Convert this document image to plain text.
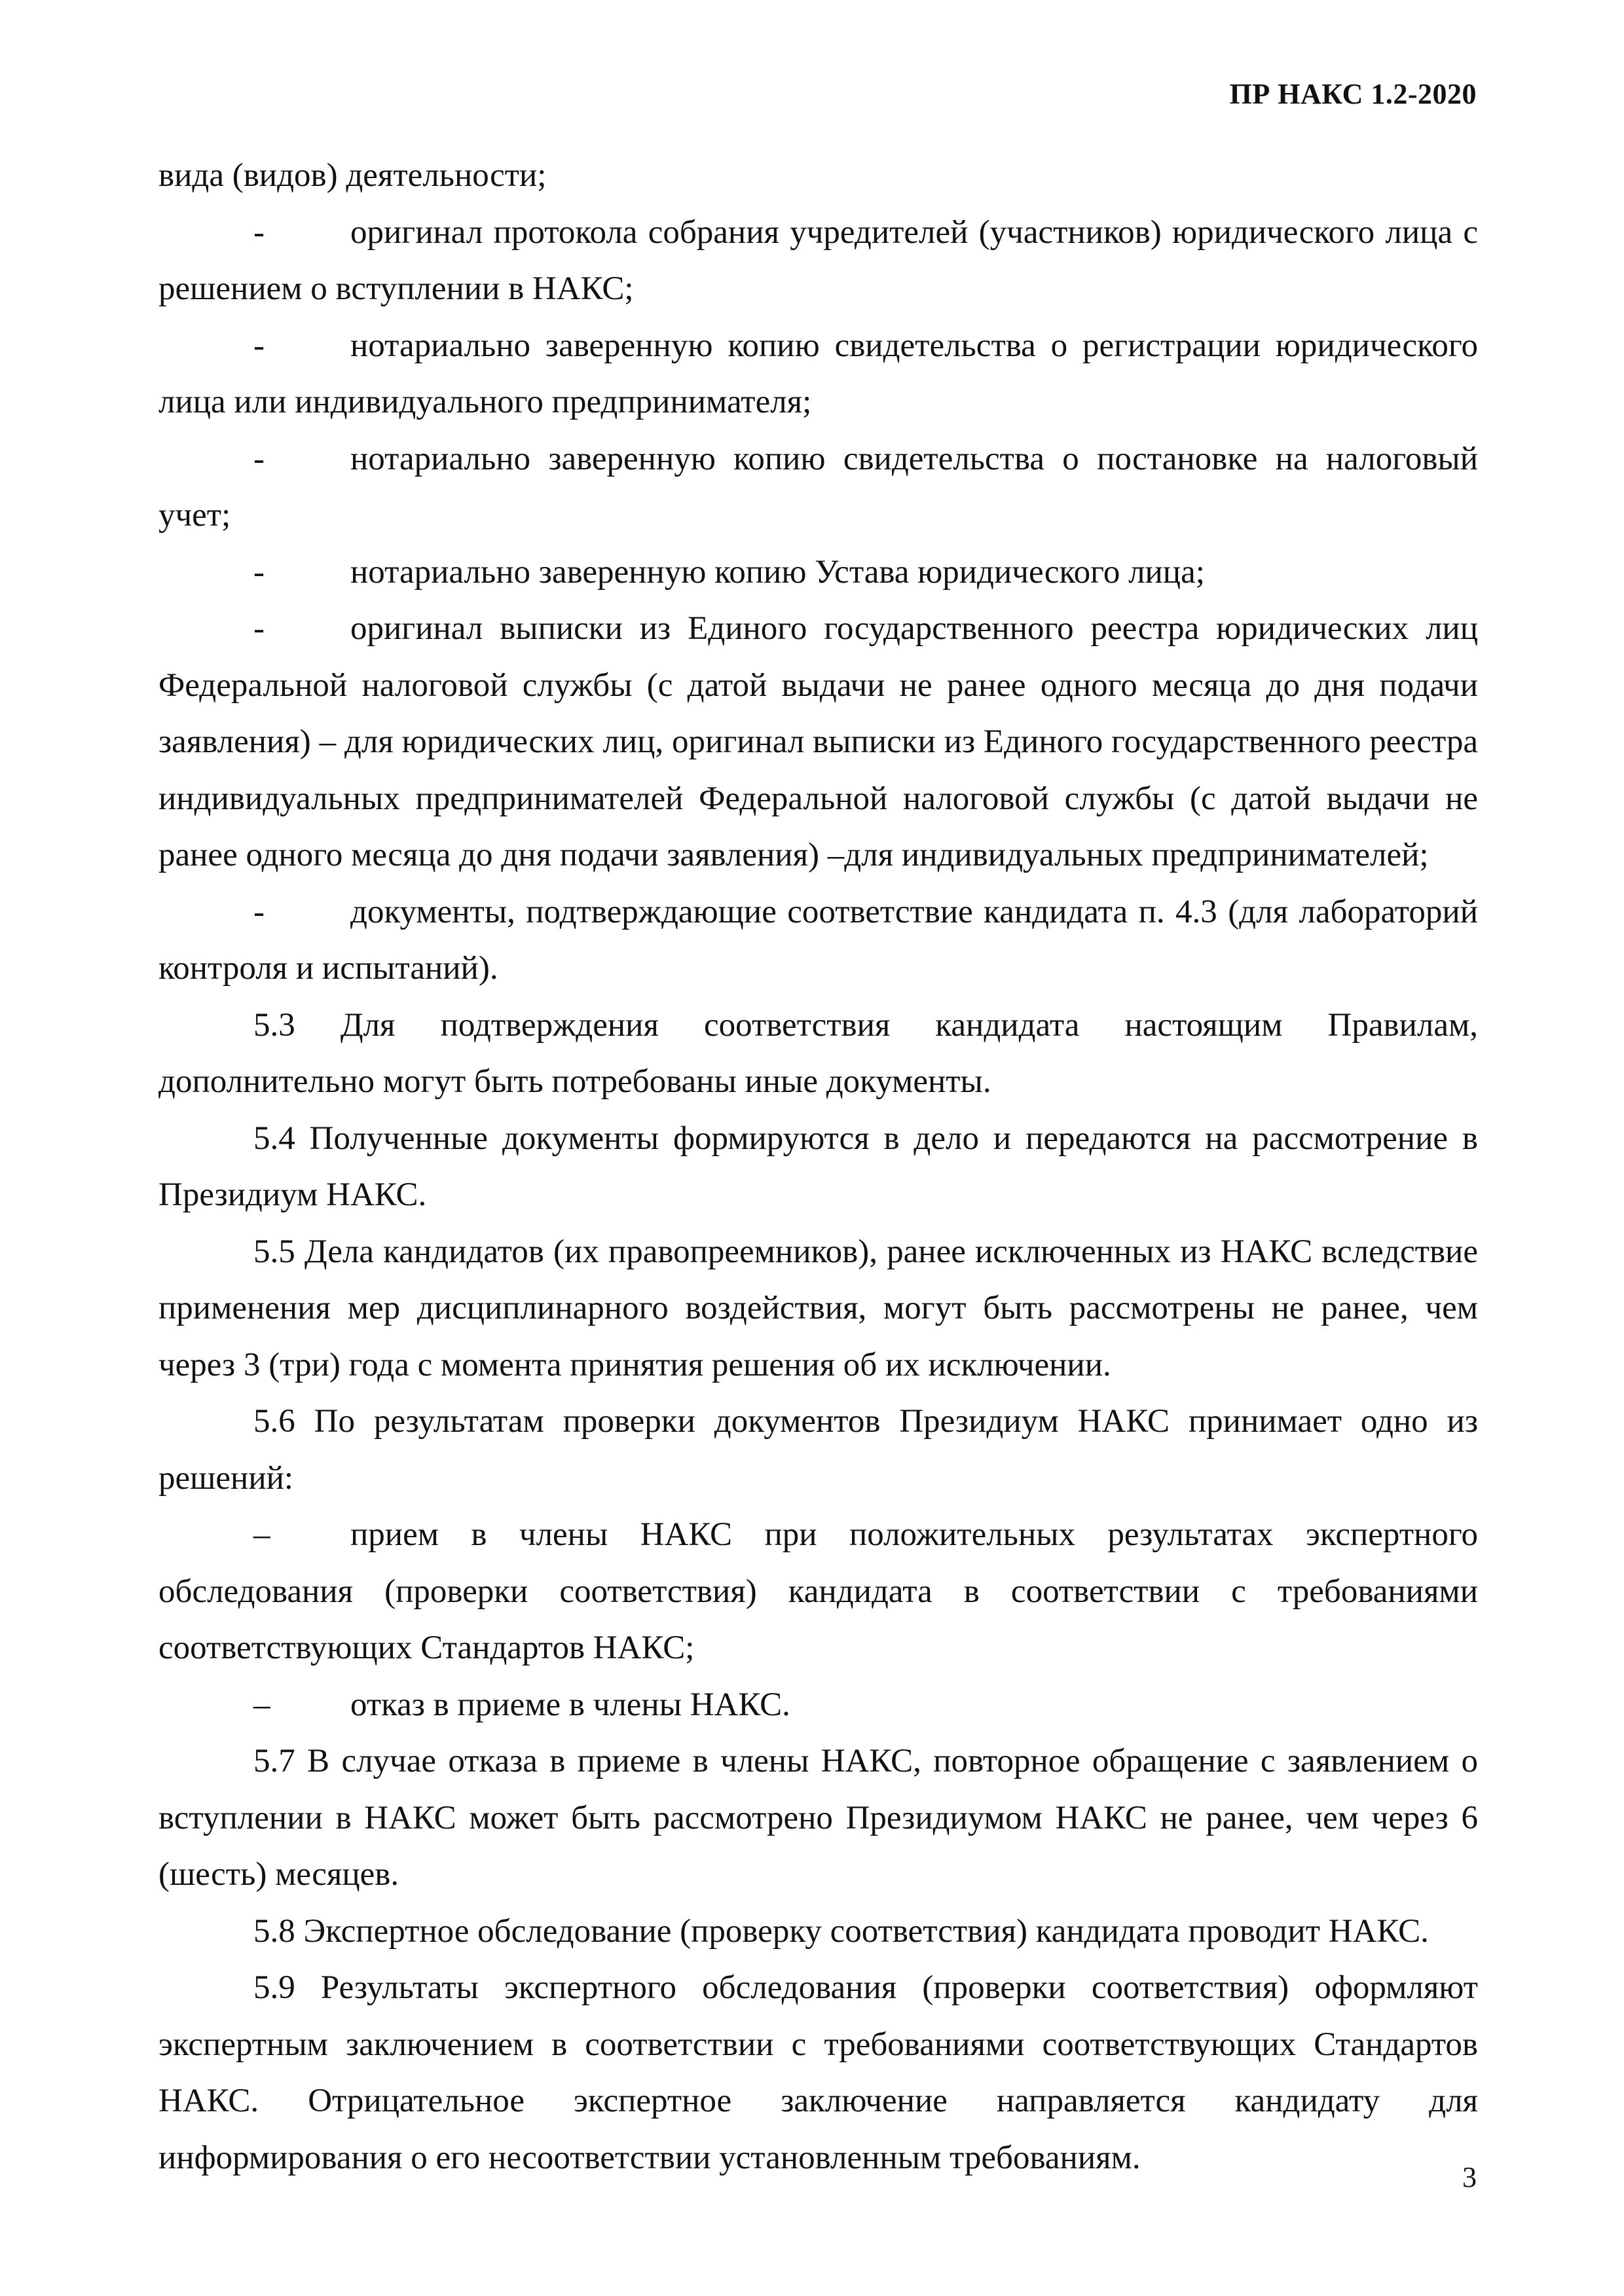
ПР НАКС 1.2-2020

вида (видов) деятельности;

-	оригинал протокола собрания учредителей (участников) юридического лица с решением о вступлении в НАКС;

-	нотариально заверенную копию свидетельства о регистрации юридического лица или индивидуального предпринимателя;

-	нотариально заверенную копию свидетельства о постановке на налоговый учет;

-	нотариально заверенную копию Устава юридического лица;

-	оригинал выписки из Единого государственного реестра юридических лиц Федеральной налоговой службы (с датой выдачи не ранее одного месяца до дня подачи заявления) – для юридических лиц, оригинал выписки из Единого государственного реестра индивидуальных предпринимателей Федеральной налоговой службы (с датой выдачи не ранее одного месяца до дня подачи заявления) –для индивидуальных предпринимателей;

-	документы, подтверждающие соответствие кандидата п. 4.3 (для лабораторий контроля и испытаний).

5.3 Для подтверждения соответствия кандидата настоящим Правилам, дополнительно могут быть потребованы иные документы.

5.4 Полученные документы формируются в дело и передаются на рассмотрение в Президиум НАКС.

5.5 Дела кандидатов (их правопреемников), ранее исключенных из НАКС вследствие применения мер дисциплинарного воздействия, могут быть рассмотрены не ранее, чем через 3 (три) года с момента принятия решения об их исключении.

5.6 По результатам проверки документов Президиум НАКС принимает одно из решений:

– прием в члены НАКС при положительных результатах экспертного обследования (проверки соответствия) кандидата в соответствии с требованиями соответствующих Стандартов НАКС;

– отказ в приеме в члены НАКС.

5.7 В случае отказа в приеме в члены НАКС, повторное обращение с заявлением о вступлении в НАКС может быть рассмотрено Президиумом НАКС не ранее, чем через 6 (шесть) месяцев.

5.8 Экспертное обследование (проверку соответствия) кандидата проводит НАКС.

5.9 Результаты экспертного обследования (проверки соответствия) оформляют экспертным заключением в соответствии с требованиями соответствующих Стандартов НАКС. Отрицательное экспертное заключение направляется кандидату для информирования о его несоответствии установленным требованиям.

3
